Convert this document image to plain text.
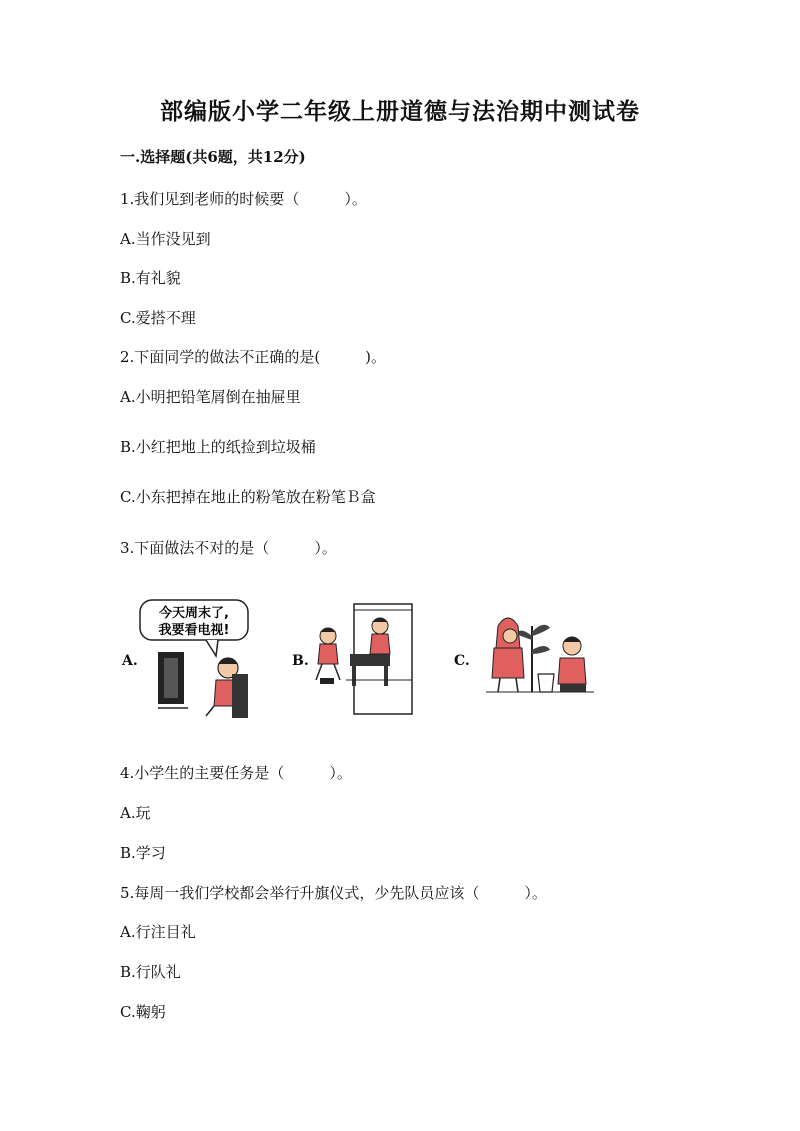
部编版小学二年级上册道德与法治期中测试卷
一.选择题(共6题，共12分)
1.我们见到老师的时候要（　　　）。
A.当作没见到
B.有礼貌
C.爱搭不理
2.下面同学的做法不正确的是(　　　)。
A.小明把铅笔屑倒在抽屉里
B.小红把地上的纸捡到垃圾桶
C.小东把掉在地止的粉笔放在粉笔Ｂ盒
3.下面做法不对的是（　　　）。
A.
今天周末了,
我要看电视!
B.	C.
4.小学生的主要任务是（　　　）。
A.玩
B.学习
5.每周一我们学校都会举行升旗仪式，少先队员应该（　　　）。
A.行注目礼
B.行队礼
C.鞠躬
